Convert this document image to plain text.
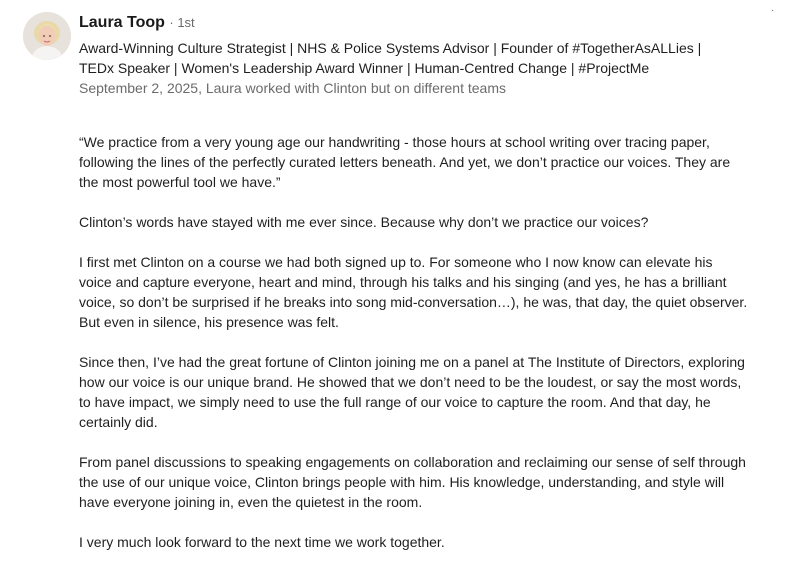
Laura Toop · 1st
Award-Winning Culture Strategist | NHS & Police Systems Advisor | Founder of #TogetherAsALLies | TEDx Speaker | Women's Leadership Award Winner | Human-Centred Change | #ProjectMe
September 2, 2025, Laura worked with Clinton but on different teams
·

“We practice from a very young age our handwriting - those hours at school writing over tracing paper, following the lines of the perfectly curated letters beneath. And yet, we don’t practice our voices. They are the most powerful tool we have.”

Clinton’s words have stayed with me ever since. Because why don’t we practice our voices?

I first met Clinton on a course we had both signed up to. For someone who I now know can elevate his voice and capture everyone, heart and mind, through his talks and his singing (and yes, he has a brilliant voice, so don’t be surprised if he breaks into song mid-conversation…), he was, that day, the quiet observer. But even in silence, his presence was felt.

Since then, I’ve had the great fortune of Clinton joining me on a panel at The Institute of Directors, exploring how our voice is our unique brand. He showed that we don’t need to be the loudest, or say the most words, to have impact, we simply need to use the full range of our voice to capture the room. And that day, he certainly did.

From panel discussions to speaking engagements on collaboration and reclaiming our sense of self through the use of our unique voice, Clinton brings people with him. His knowledge, understanding, and style will have everyone joining in, even the quietest in the room.

I very much look forward to the next time we work together.
